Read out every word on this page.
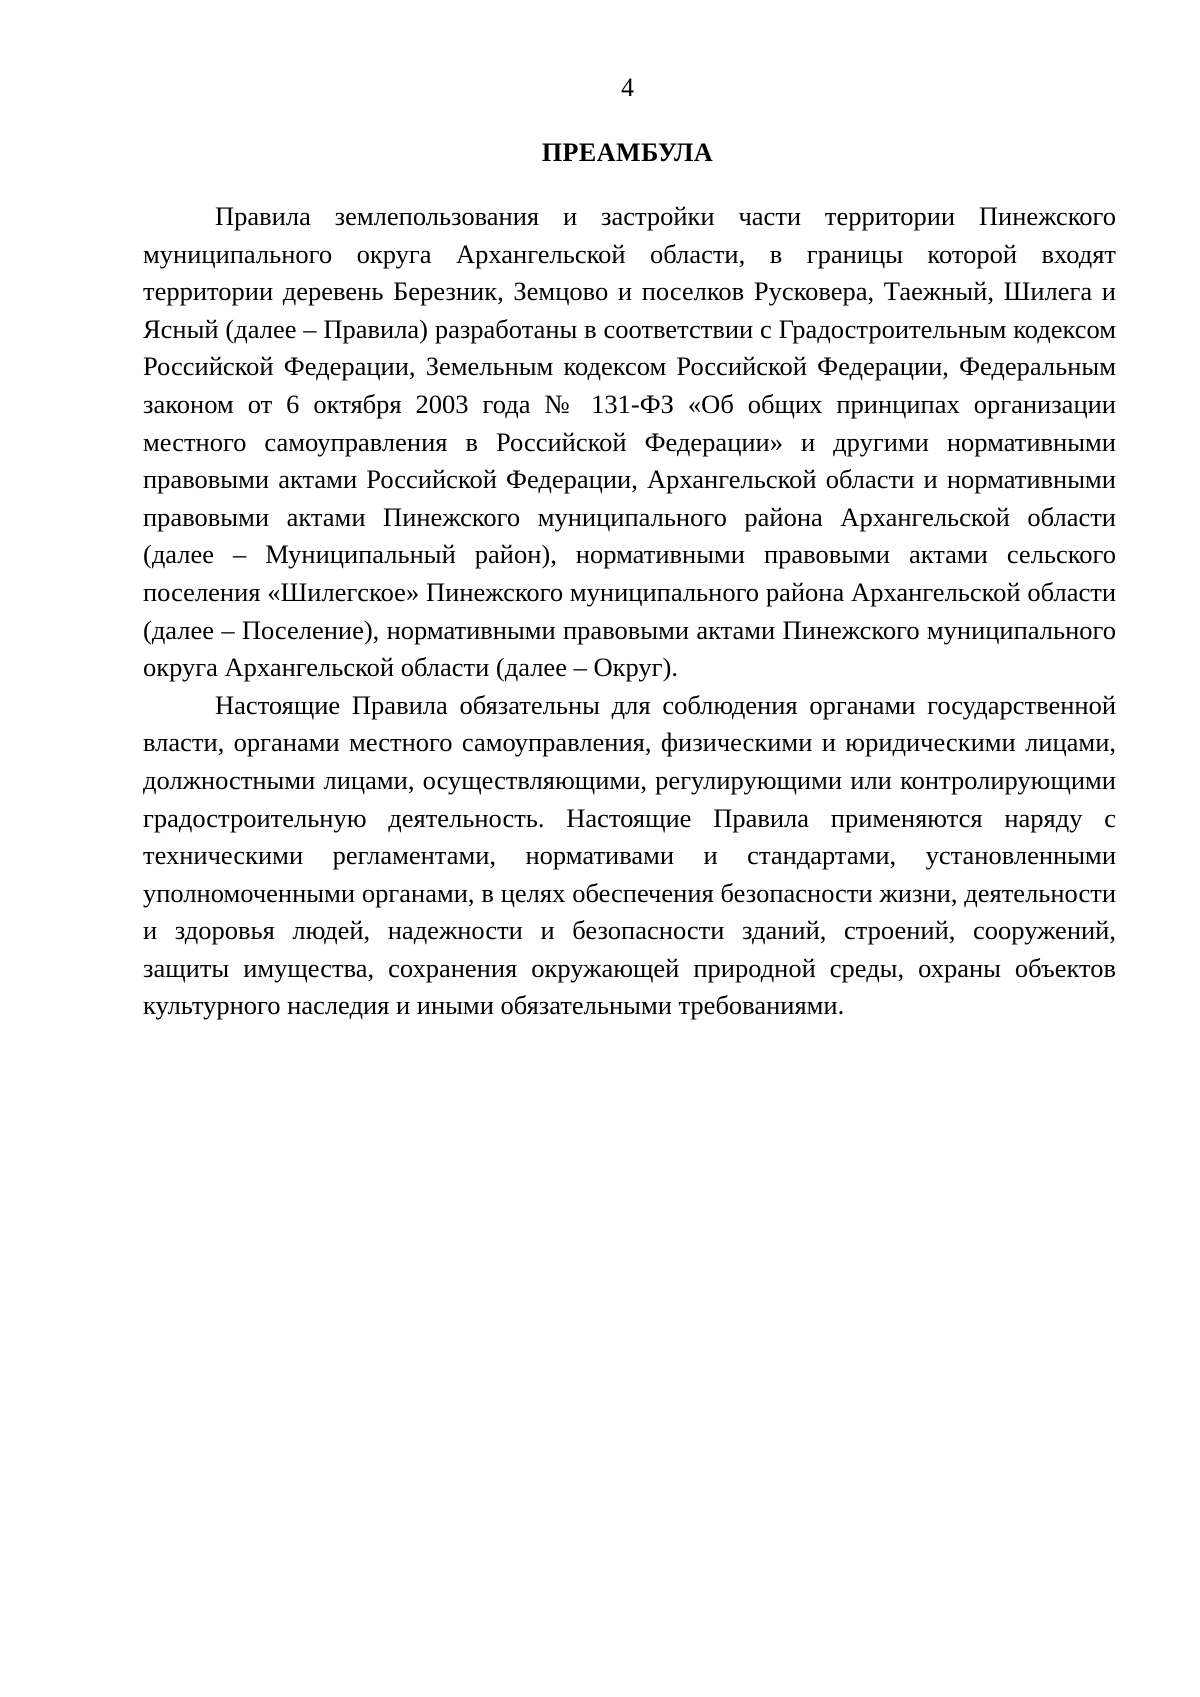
4
ПРЕАМБУЛА

Правила землепользования и застройки части территории Пинежского муниципального округа Архангельской области, в границы которой входят территории деревень Березник, Земцово и поселков Русковера, Таежный, Шилега и Ясный (далее – Правила) разработаны в соответствии с Градостроительным кодексом Российской Федерации, Земельным кодексом Российской Федерации, Федеральным законом от 6 октября 2003 года № 131-ФЗ «Об общих принципах организации местного самоуправления в Российской Федерации» и другими нормативными правовыми актами Российской Федерации, Архангельской области и нормативными правовыми актами Пинежского муниципального района Архангельской области (далее – Муниципальный район), нормативными правовыми актами сельского поселения «Шилегское» Пинежского муниципального района Архангельской области (далее – Поселение), нормативными правовыми актами Пинежского муниципального округа Архангельской области (далее – Округ).

Настоящие Правила обязательны для соблюдения органами государственной власти, органами местного самоуправления, физическими и юридическими лицами, должностными лицами, осуществляющими, регулирующими или контролирующими градостроительную деятельность. Настоящие Правила применяются наряду с техническими регламентами, нормативами и стандартами, установленными уполномоченными органами, в целях обеспечения безопасности жизни, деятельности и здоровья людей, надежности и безопасности зданий, строений, сооружений, защиты имущества, сохранения окружающей природной среды, охраны объектов культурного наследия и иными обязательными требованиями.
